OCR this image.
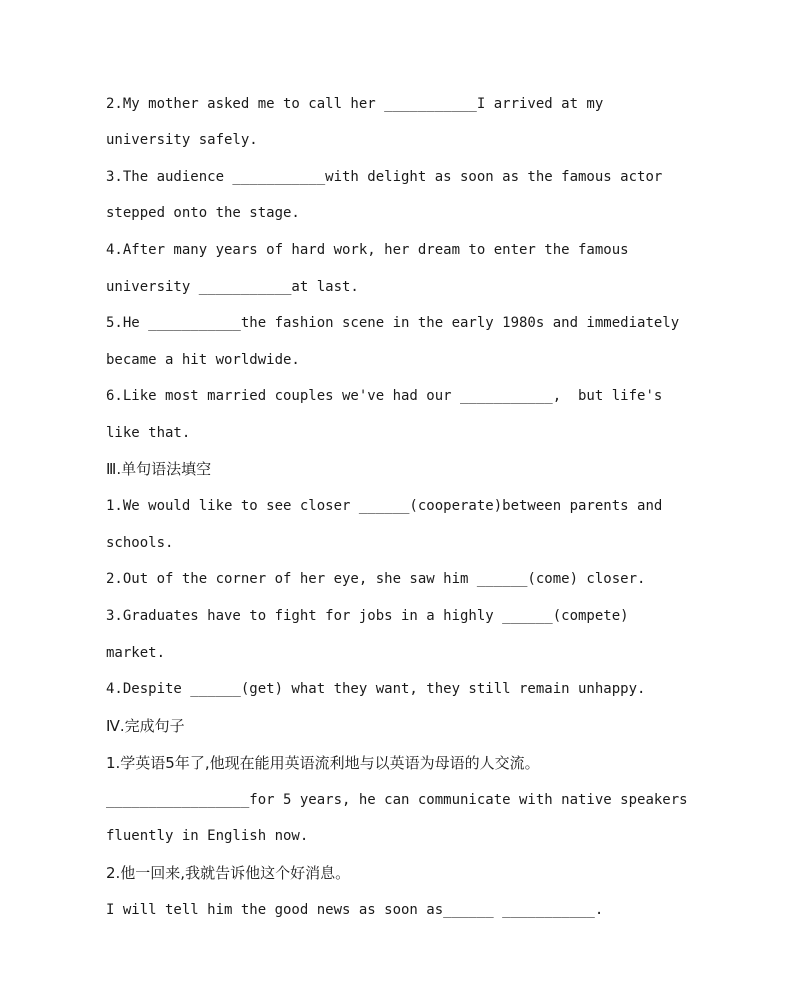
2.My mother asked me to call her ___________I arrived at my
university safely.
3.The audience ___________with delight as soon as the famous actor
stepped onto the stage.
4.After many years of hard work, her dream to enter the famous
university ___________at last.
5.He ___________the fashion scene in the early 1980s and immediately
became a hit worldwide.
6.Like most married couples we've had our ___________,  but life's
like that.
Ⅲ.单句语法填空
1.We would like to see closer ______(cooperate)between parents and
schools.
2.Out of the corner of her eye, she saw him ______(come) closer.
3.Graduates have to fight for jobs in a highly ______(compete)
market.
4.Despite ______(get) what they want, they still remain unhappy.
Ⅳ.完成句子
1.学英语5年了,他现在能用英语流利地与以英语为母语的人交流。
_________________for 5 years, he can communicate with native speakers
fluently in English now.
2.他一回来,我就告诉他这个好消息。
I will tell him the good news as soon as______ ___________.
